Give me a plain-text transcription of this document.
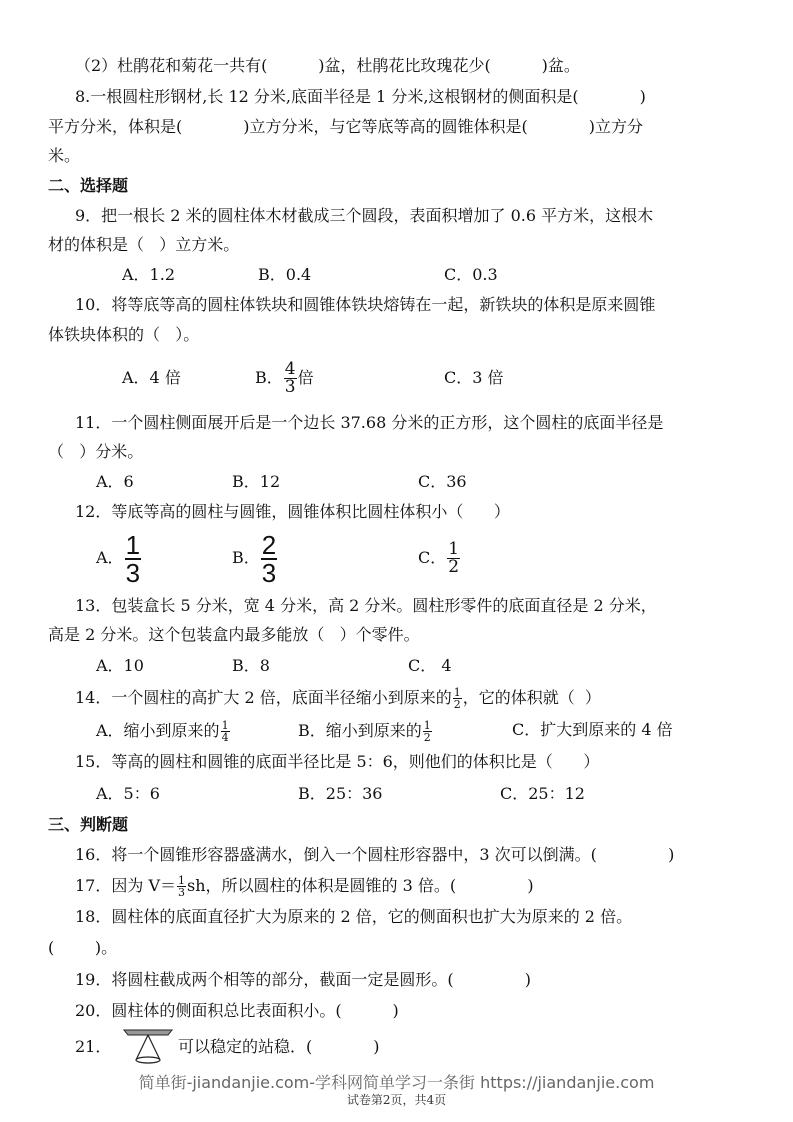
（2）杜鹃花和菊花一共有(          )盆，杜鹃花比玫瑰花少(          )盆。
8.一根圆柱形钢材,长 12 分米,底面半径是 1 分米,这根钢材的侧面积是(            )
平方分米，体积是(            )立方分米，与它等底等高的圆锥体积是(            )立方分
米。
二、选择题
9．把一根长 2 米的圆柱体木材截成三个圆段，表面积增加了 0.6 平方米，这根木
材的体积是（   ）立方米。
A．1.2	B．0.4	C．0.3
10．将等底等高的圆柱体铁块和圆锥体铁块熔铸在一起，新铁块的体积是原来圆锥
体铁块体积的（   ）。
A．4 倍	B． $\frac{4}{3}$ 倍	C．3 倍
11．一个圆柱侧面展开后是一个边长 37.68 分米的正方形，这个圆柱的底面半径是
（   ）分米。
A．6	B．12	C．36
12．等底等高的圆柱与圆锥，圆锥体积比圆柱体积小（      ）
A． $\frac{1}{3}$	B． $\frac{2}{3}$	C． $\frac{1}{2}$
13．包装盒长 5 分米，宽 4 分米，高 2 分米。圆柱形零件的底面直径是 2 分米，
高是 2 分米。这个包装盒内最多能放（   ）个零件。
A．10	B．8	C． 4
14．一个圆柱的高扩大 2 倍，底面半径缩小到原来的 $\frac{1}{2}$ ，它的体积就（  ）
A．缩小到原来的 $\frac{1}{4}$	B．缩小到原来的 $\frac{1}{2}$	C．扩大到原来的 4 倍
15．等高的圆柱和圆锥的底面半径比是 5：6，则他们的体积比是（      ）
A．5：6	B．25：36	C．25：12
三、判断题
16．将一个圆锥形容器盛满水，倒入一个圆柱形容器中，3 次可以倒满。(              )
17．因为 $V= \frac{1}{3}$ sh，所以圆柱的体积是圆锥的 3 倍。(              )
18．圆柱体的底面直径扩大为原来的 2 倍，它的侧面积也扩大为原来的 2 倍。
(        )。
19．将圆柱截成两个相等的部分，截面一定是圆形。(              )
20．圆柱体的侧面积总比表面积小。(          )
21．	可以稳定的站稳．(            )
简单街-jiandanjie.com-学科网简单学习一条街 https://jiandanjie.com
试卷第2页，共4页
